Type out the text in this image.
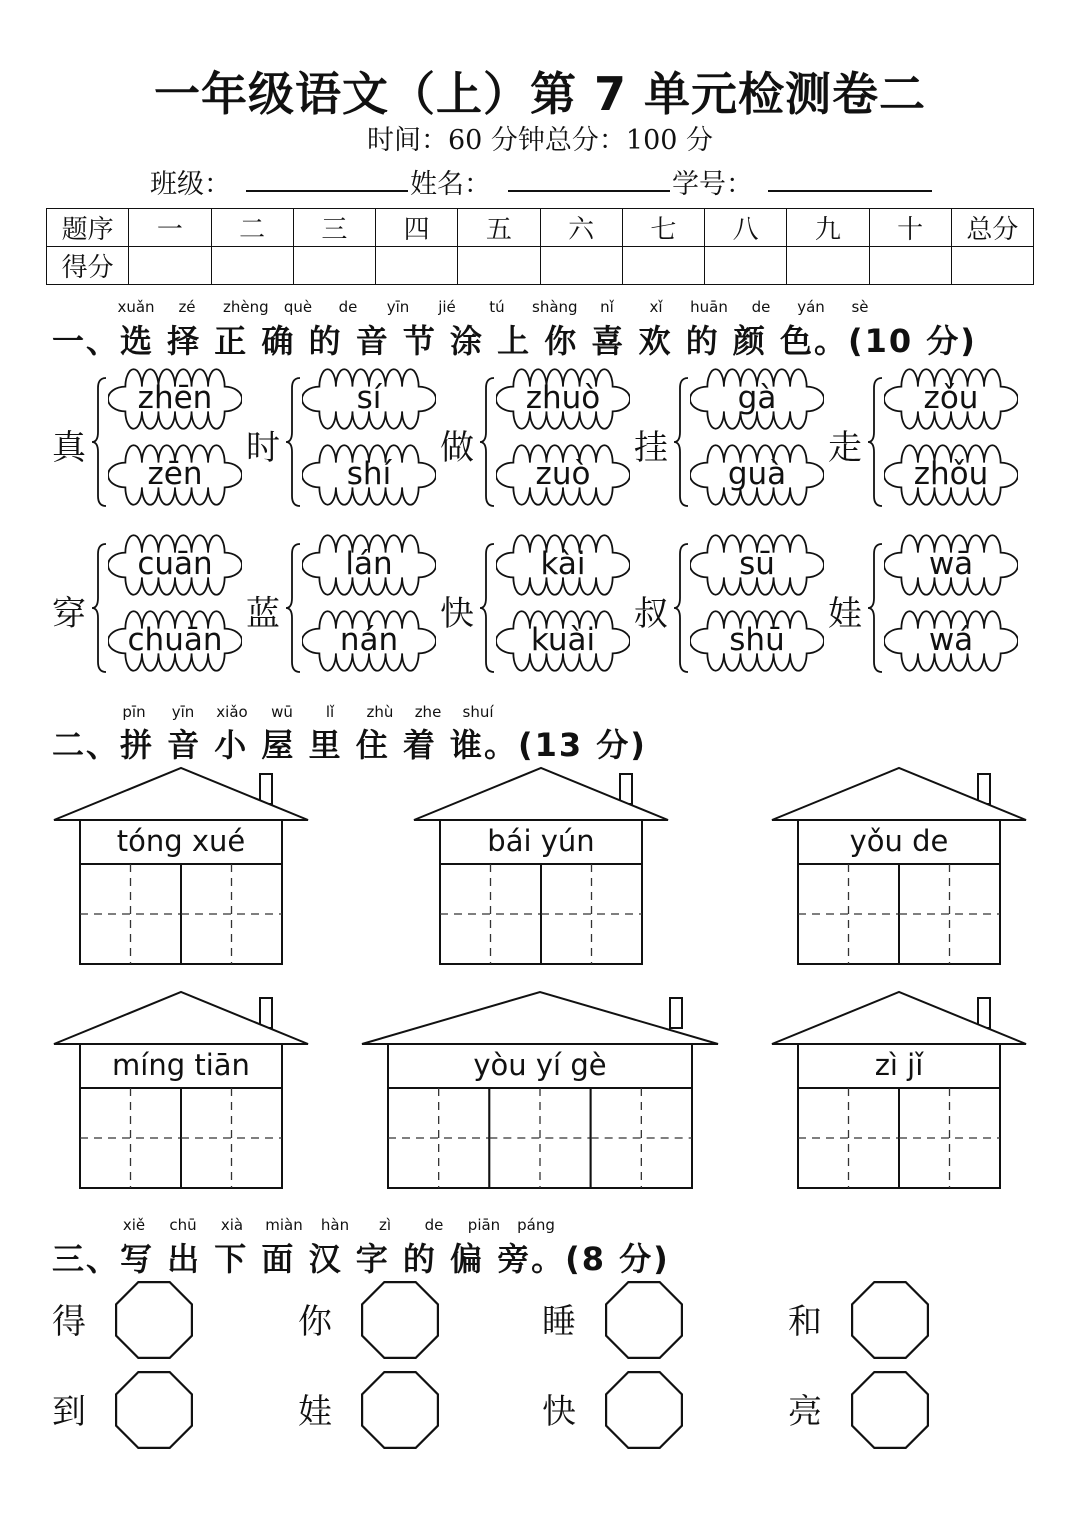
一年级语文（上）第 7 单元检测卷二
时间：60 分钟总分：100 分
班级：	姓名：	学号：
题序	一	二	三	四	五	六	七	八	九	十	总分
得分											
xuǎn	zé	zhèng	què	de	yīn	jié	tú	shàng	nǐ	xǐ	huān	de	yán	sè
一、选 择 正 确 的 音 节 涂 上 你 喜 欢 的 颜 色。(10 分)
真
zhēn
zēn
时
sí
shí
做
zhuò
zuò
挂
gà
guà
走
zǒu
zhǒu
穿
cuān
chuān
蓝
lán
nán
快
kài
kuài
叔
sū
shū
娃
wā
wá
pīn	yīn	xiǎo	wū	lǐ	zhù	zhe	shuí
二、拼 音 小 屋 里 住 着 谁。(13 分)
tóng xué	bái yún	yǒu de
míng tiān	yòu yí gè	zì jǐ
xiě	chū	xià	miàn	hàn	zì	de	piān páng
三、写 出 下 面 汉 字 的 偏 旁。(8 分)
得	你	睡	和
到	娃	快	亮
